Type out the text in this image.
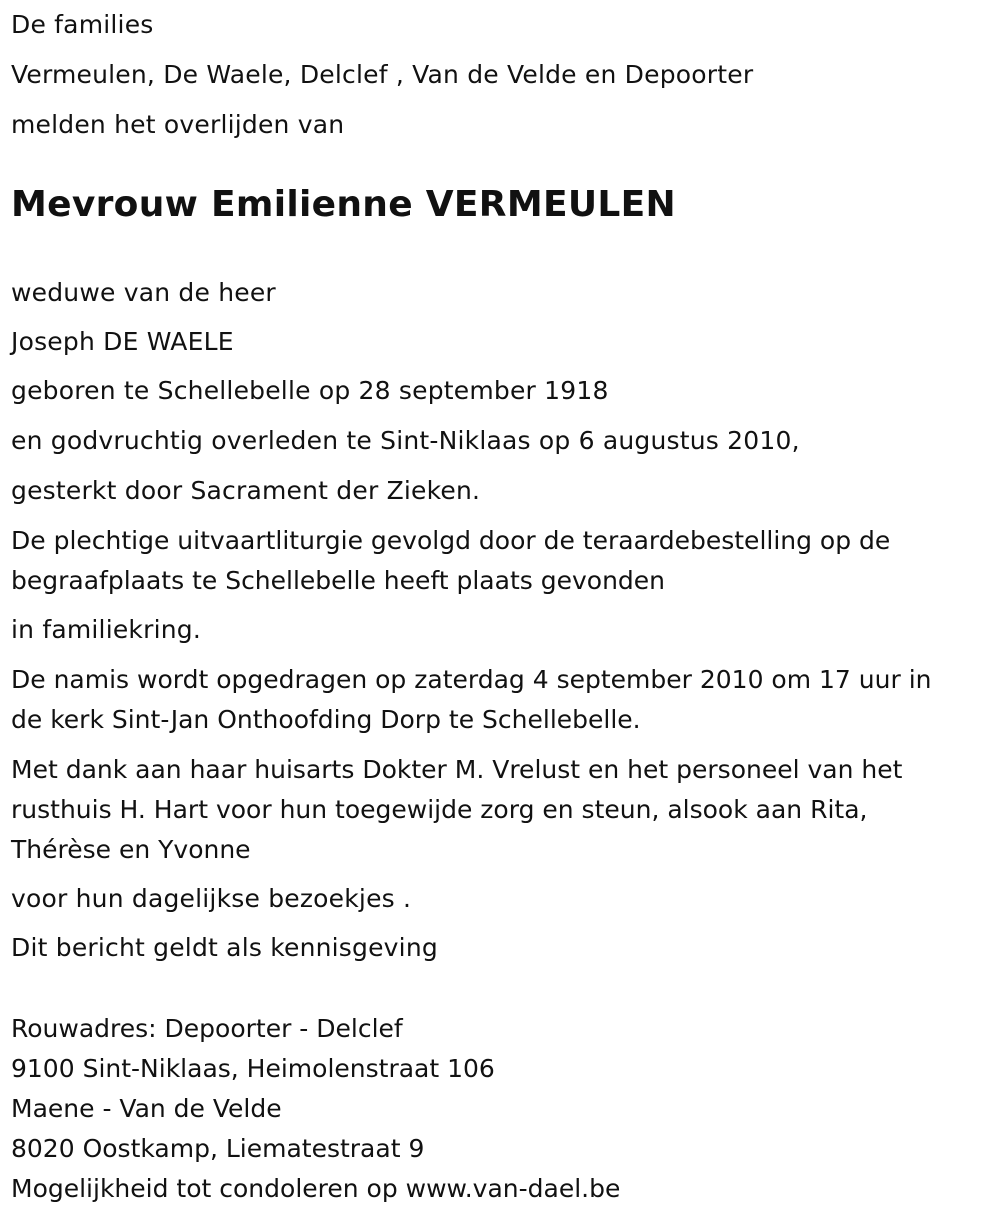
De families
Vermeulen, De Waele, Delclef , Van de Velde en Depoorter
melden het overlijden van
Mevrouw Emilienne VERMEULEN
weduwe van de heer
Joseph DE WAELE
geboren te Schellebelle op 28 september 1918
en godvruchtig overleden te Sint-Niklaas op 6 augustus 2010,
gesterkt door Sacrament der Zieken.
De plechtige uitvaartliturgie gevolgd door de teraardebestelling op de
begraafplaats te Schellebelle heeft plaats gevonden
in familiekring.
De namis wordt opgedragen op zaterdag 4 september 2010 om 17 uur in
de kerk Sint-Jan Onthoofding Dorp te Schellebelle.
Met dank aan haar huisarts Dokter M. Vrelust en het personeel van het
rusthuis H. Hart voor hun toegewijde zorg en steun, alsook aan Rita,
Thérèse en Yvonne
voor hun dagelijkse bezoekjes .
Dit bericht geldt als kennisgeving
Rouwadres: Depoorter - Delclef
9100 Sint-Niklaas, Heimolenstraat 106
Maene - Van de Velde
8020 Oostkamp, Liematestraat 9
Mogelijkheid tot condoleren op www.van-dael.be
